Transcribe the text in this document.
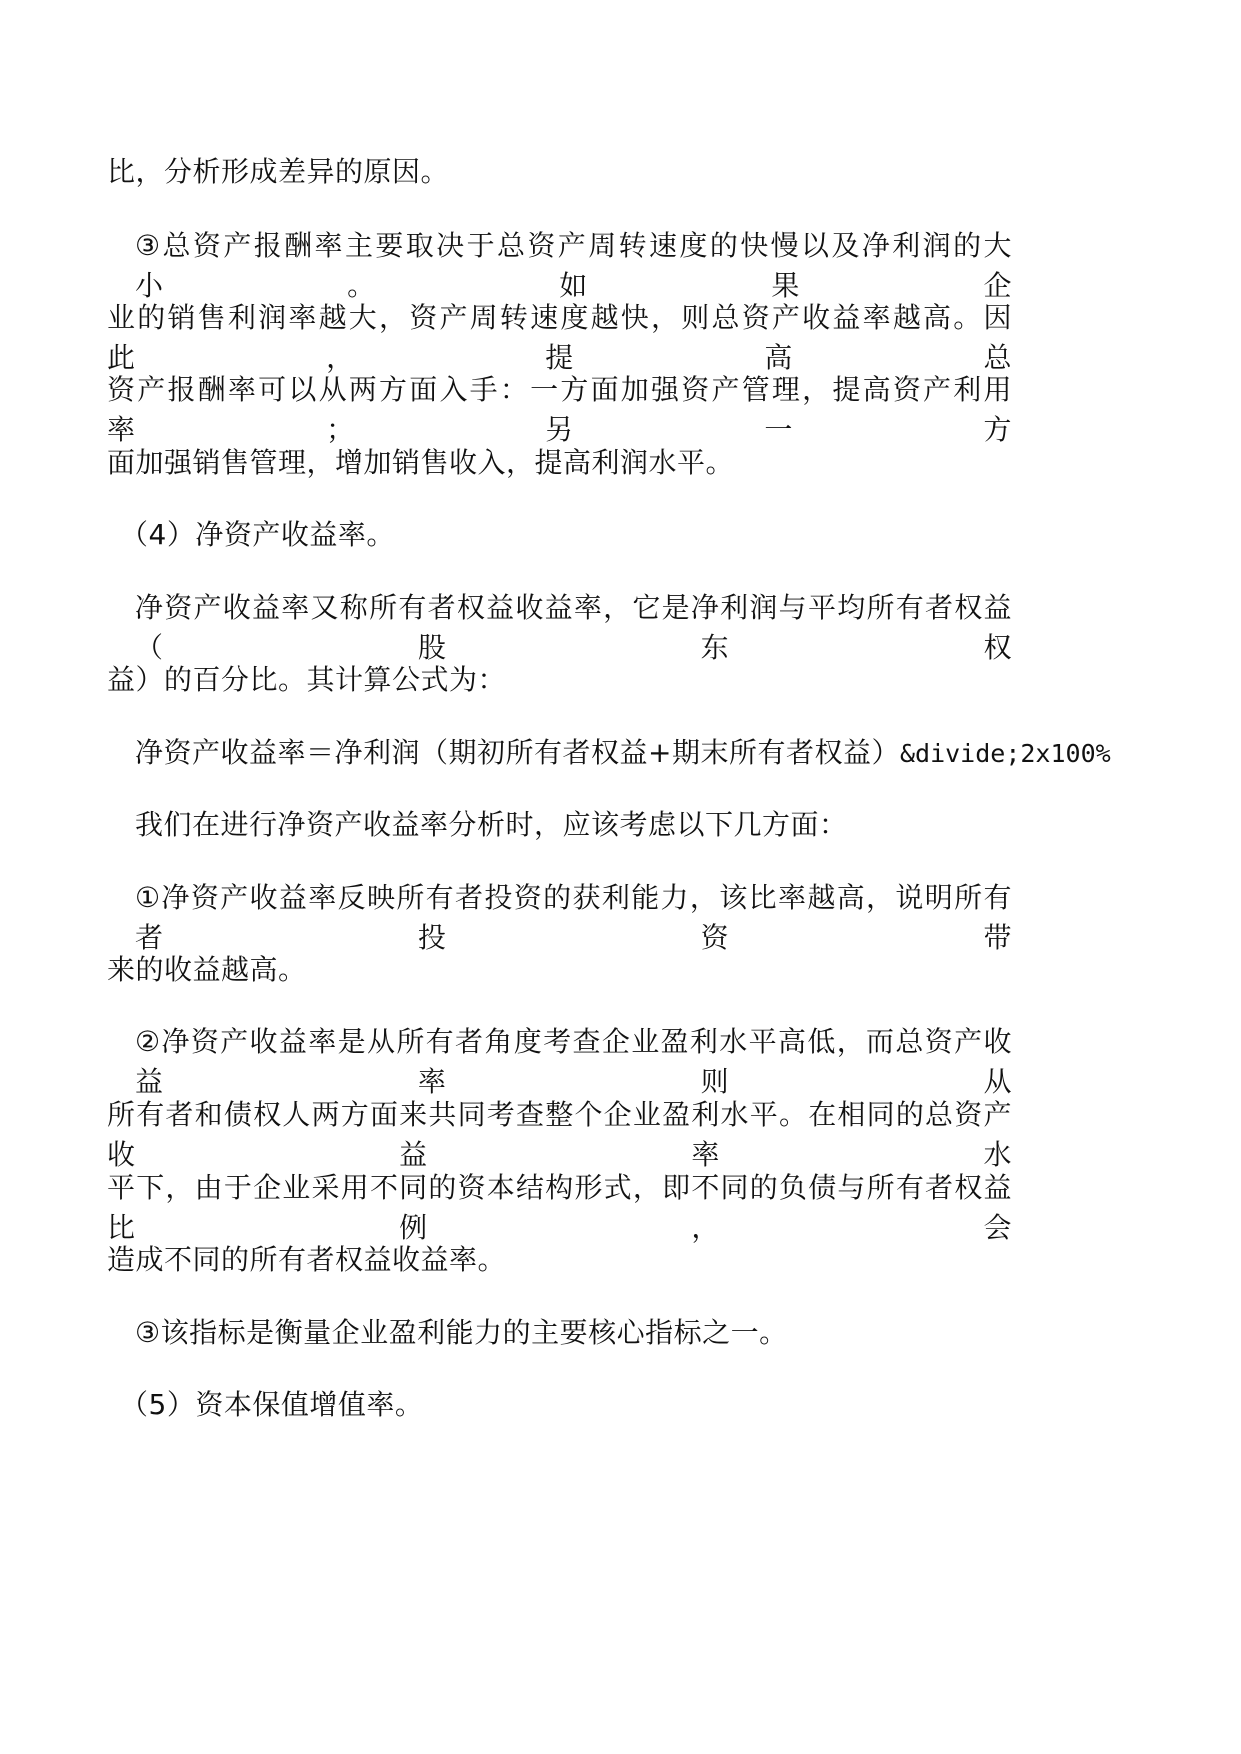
比，分析形成差异的原因。
③总资产报酬率主要取决于总资产周转速度的快慢以及净利润的大小。如果企
业的销售利润率越大，资产周转速度越快，则总资产收益率越高。因此，提高总
资产报酬率可以从两方面入手：一方面加强资产管理，提高资产利用率；另一方
面加强销售管理，增加销售收入，提高利润水平。
（4）净资产收益率。
净资产收益率又称所有者权益收益率，它是净利润与平均所有者权益（股东权
益）的百分比。其计算公式为：
净资产收益率＝净利润（期初所有者权益+期末所有者权益）&divide;2x100%
我们在进行净资产收益率分析时，应该考虑以下几方面：
①净资产收益率反映所有者投资的获利能力，该比率越高，说明所有者投资带
来的收益越高。
②净资产收益率是从所有者角度考查企业盈利水平高低，而总资产收益率则从
所有者和债权人两方面来共同考查整个企业盈利水平。在相同的总资产收益率水
平下，由于企业采用不同的资本结构形式，即不同的负债与所有者权益比例，会
造成不同的所有者权益收益率。
③该指标是衡量企业盈利能力的主要核心指标之一。
（5）资本保值增值率。
